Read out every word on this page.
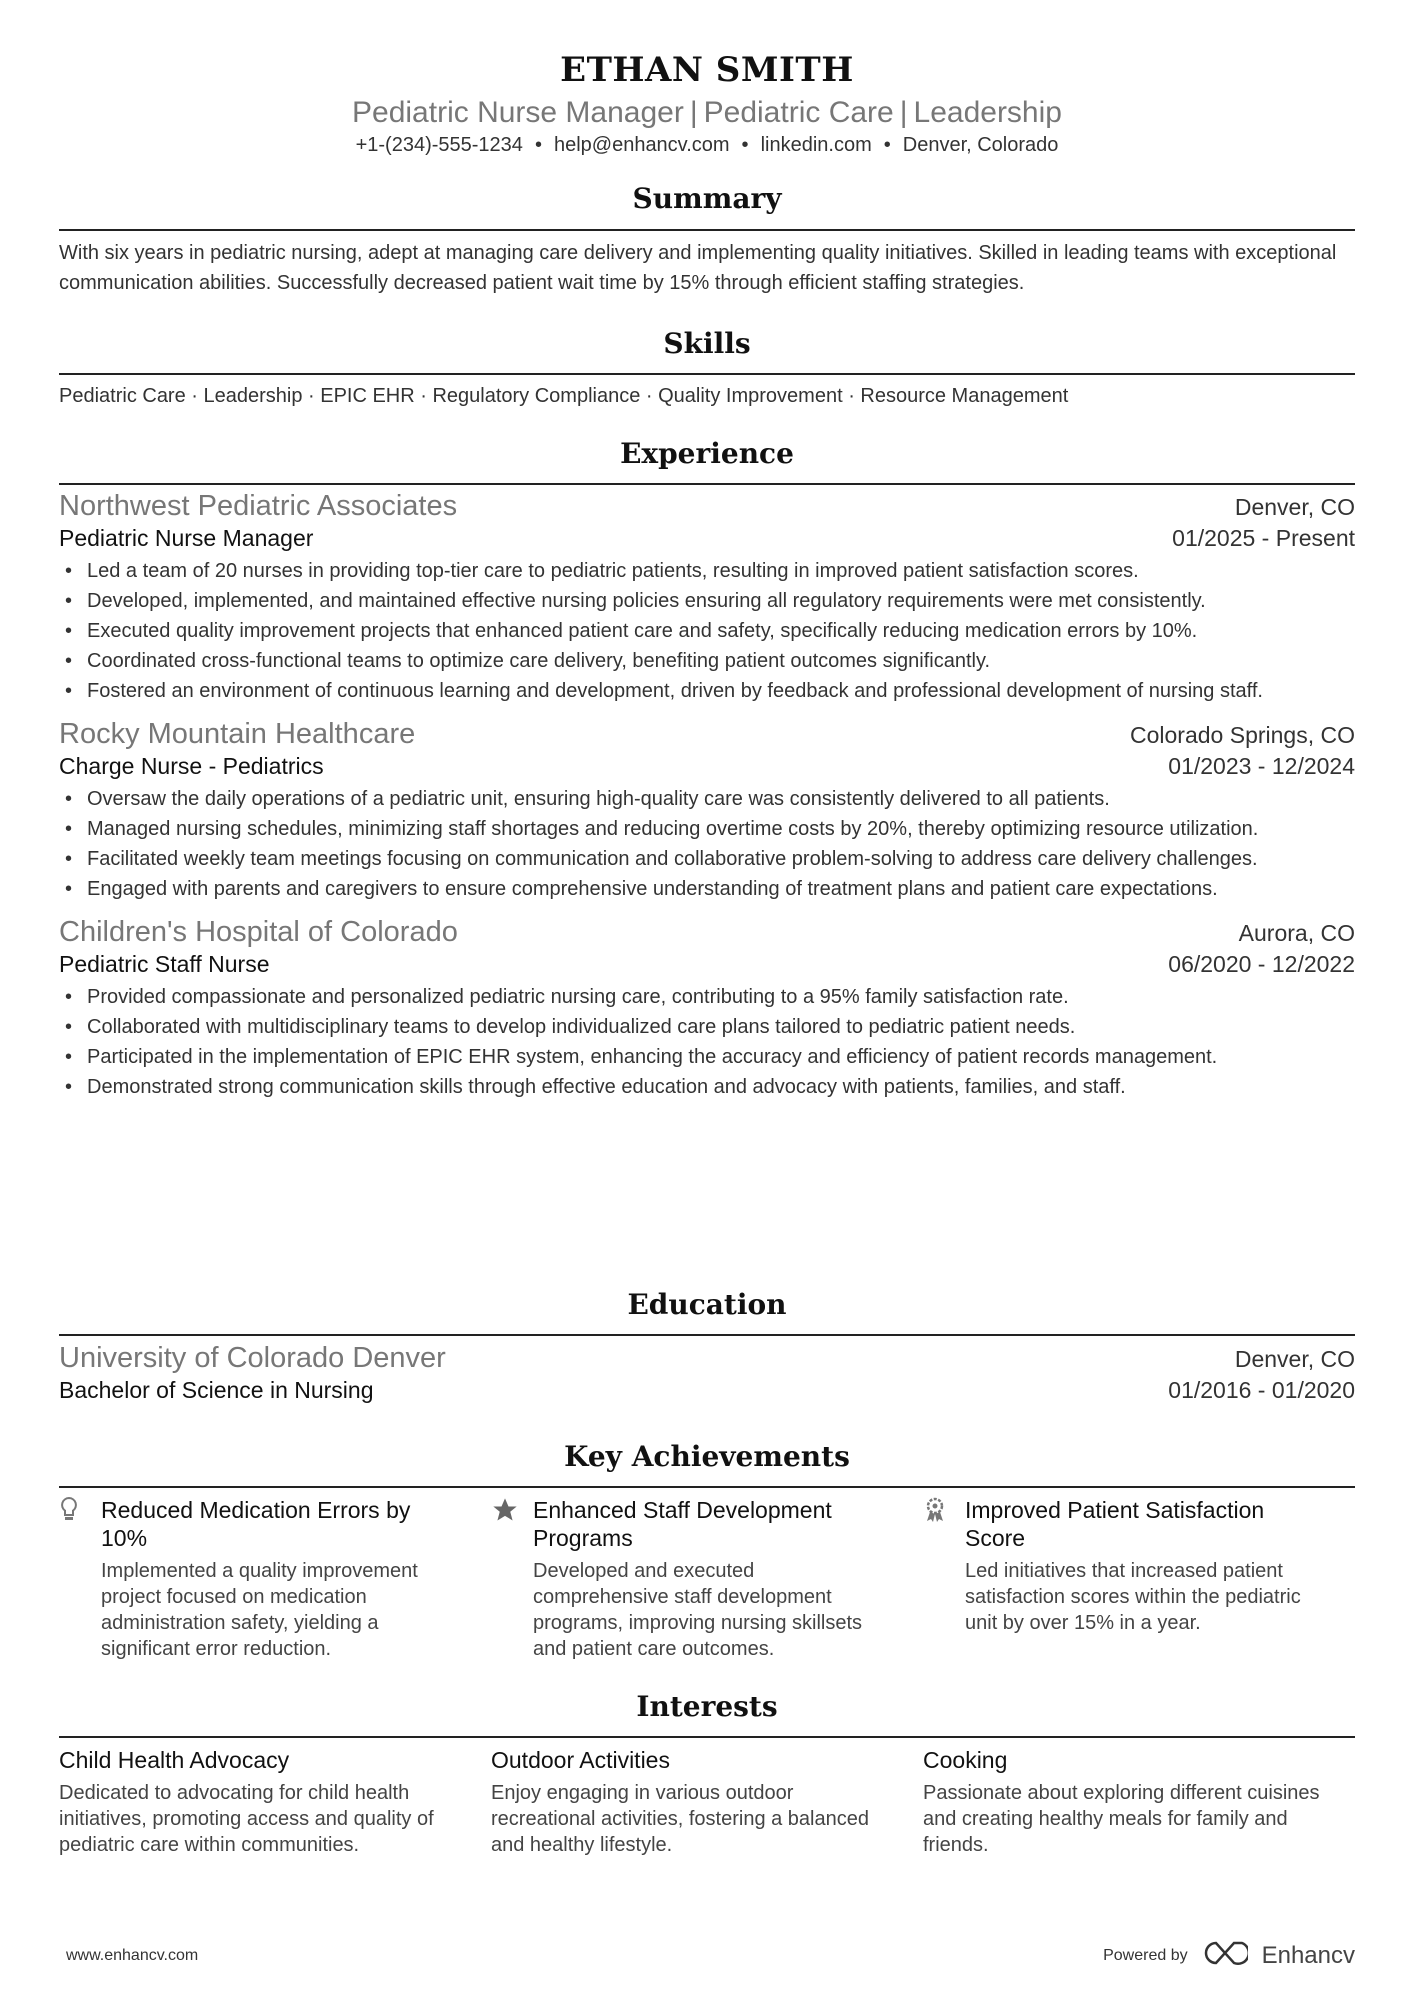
ETHAN SMITH
Pediatric Nurse Manager | Pediatric Care | Leadership
+1-(234)-555-1234 • help@enhancv.com • linkedin.com • Denver, Colorado
Summary
With six years in pediatric nursing, adept at managing care delivery and implementing quality initiatives. Skilled in leading teams with exceptional communication abilities. Successfully decreased patient wait time by 15% through efficient staffing strategies.
Skills
Pediatric Care · Leadership · EPIC EHR · Regulatory Compliance · Quality Improvement · Resource Management
Experience
Northwest Pediatric Associates	Denver, CO
Pediatric Nurse Manager	01/2025 - Present
• Led a team of 20 nurses in providing top-tier care to pediatric patients, resulting in improved patient satisfaction scores.
• Developed, implemented, and maintained effective nursing policies ensuring all regulatory requirements were met consistently.
• Executed quality improvement projects that enhanced patient care and safety, specifically reducing medication errors by 10%.
• Coordinated cross-functional teams to optimize care delivery, benefiting patient outcomes significantly.
• Fostered an environment of continuous learning and development, driven by feedback and professional development of nursing staff.
Rocky Mountain Healthcare	Colorado Springs, CO
Charge Nurse - Pediatrics	01/2023 - 12/2024
• Oversaw the daily operations of a pediatric unit, ensuring high-quality care was consistently delivered to all patients.
• Managed nursing schedules, minimizing staff shortages and reducing overtime costs by 20%, thereby optimizing resource utilization.
• Facilitated weekly team meetings focusing on communication and collaborative problem-solving to address care delivery challenges.
• Engaged with parents and caregivers to ensure comprehensive understanding of treatment plans and patient care expectations.
Children's Hospital of Colorado	Aurora, CO
Pediatric Staff Nurse	06/2020 - 12/2022
• Provided compassionate and personalized pediatric nursing care, contributing to a 95% family satisfaction rate.
• Collaborated with multidisciplinary teams to develop individualized care plans tailored to pediatric patient needs.
• Participated in the implementation of EPIC EHR system, enhancing the accuracy and efficiency of patient records management.
• Demonstrated strong communication skills through effective education and advocacy with patients, families, and staff.
Education
University of Colorado Denver	Denver, CO
Bachelor of Science in Nursing	01/2016 - 01/2020
Key Achievements
Reduced Medication Errors by 10%
Implemented a quality improvement project focused on medication administration safety, yielding a significant error reduction.
Enhanced Staff Development Programs
Developed and executed comprehensive staff development programs, improving nursing skillsets and patient care outcomes.
Improved Patient Satisfaction Score
Led initiatives that increased patient satisfaction scores within the pediatric unit by over 15% in a year.
Interests
Child Health Advocacy
Dedicated to advocating for child health initiatives, promoting access and quality of pediatric care within communities.
Outdoor Activities
Enjoy engaging in various outdoor recreational activities, fostering a balanced and healthy lifestyle.
Cooking
Passionate about exploring different cuisines and creating healthy meals for family and friends.
www.enhancv.com	Powered by	Enhancv
